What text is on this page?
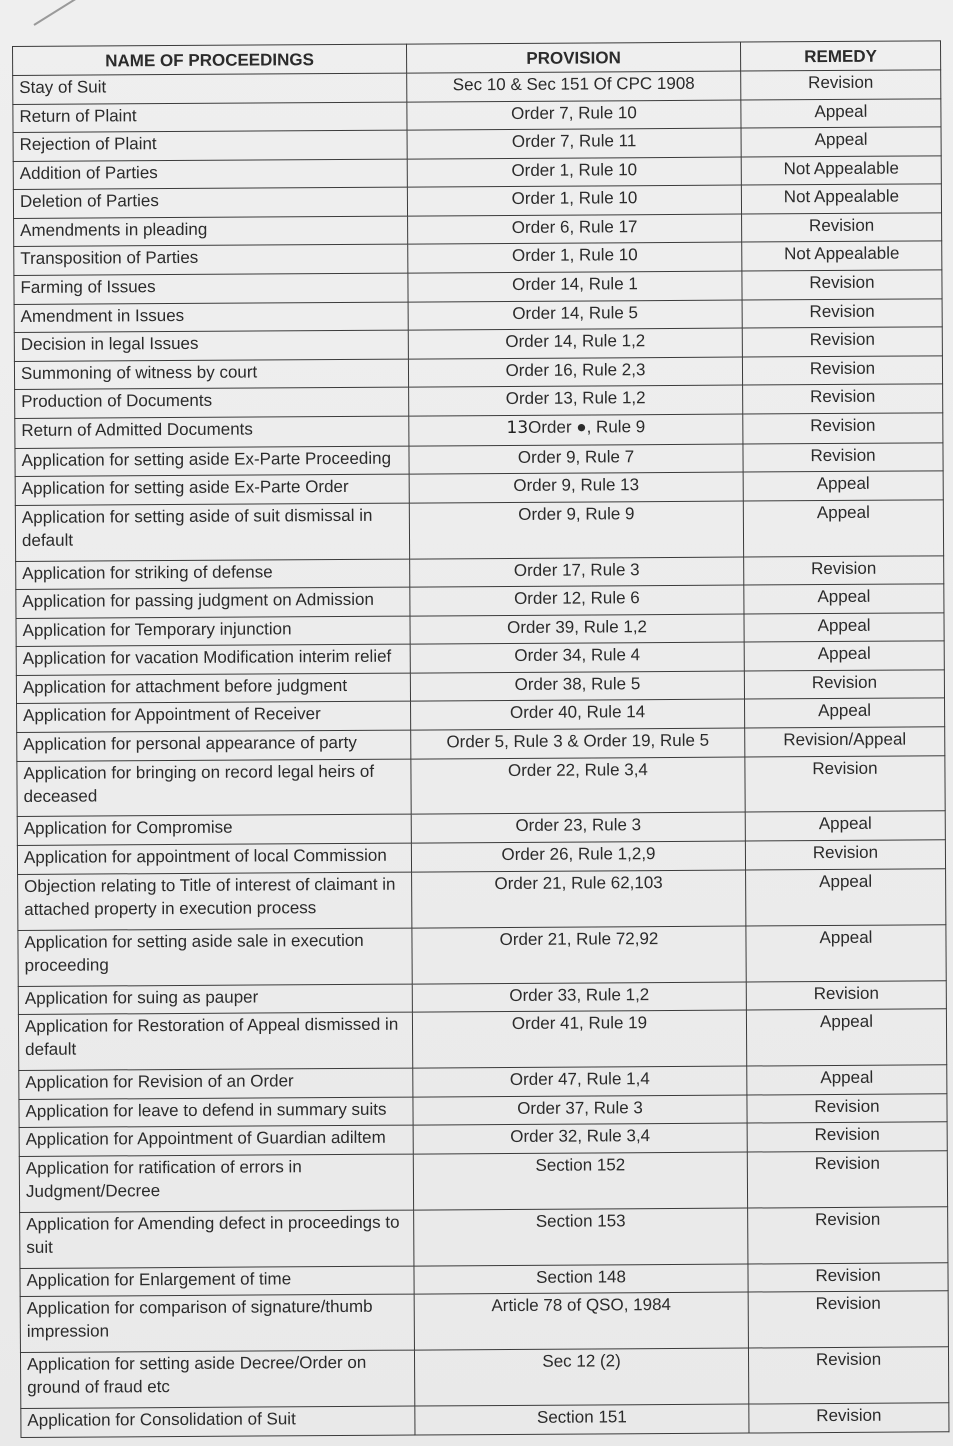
NAME OF PROCEEDINGS	PROVISION	REMEDY
Stay of Suit	Sec 10 & Sec 151 Of CPC 1908	Revision
Return of Plaint	Order 7, Rule 10	Appeal
Rejection of Plaint	Order 7, Rule 11	Appeal
Addition of Parties	Order 1, Rule 10	Not Appealable
Deletion of Parties	Order 1, Rule 10	Not Appealable
Amendments in pleading	Order 6, Rule 17	Revision
Transposition of Parties	Order 1, Rule 10	Not Appealable
Farming of Issues	Order 14, Rule 1	Revision
Amendment in Issues	Order 14, Rule 5	Revision
Decision in legal Issues	Order 14, Rule 1,2	Revision
Summoning of witness by court	Order 16, Rule 2,3	Revision
Production of Documents	Order 13, Rule 1,2	Revision
Return of Admitted Documents	13Order ●, Rule 9	Revision
Application for setting aside Ex-Parte Proceeding	Order 9, Rule 7	Revision
Application for setting aside Ex-Parte Order	Order 9, Rule 13	Appeal
Application for setting aside of suit dismissal in default	Order 9, Rule 9	Appeal
Application for striking of defense	Order 17, Rule 3	Revision
Application for passing judgment on Admission	Order 12, Rule 6	Appeal
Application for Temporary injunction	Order 39, Rule 1,2	Appeal
Application for vacation Modification interim relief	Order 34, Rule 4	Appeal
Application for attachment before judgment	Order 38, Rule 5	Revision
Application for Appointment of Receiver	Order 40, Rule 14	Appeal
Application for personal appearance of party	Order 5, Rule 3 & Order 19, Rule 5	Revision/Appeal
Application for bringing on record legal heirs of deceased	Order 22, Rule 3,4	Revision
Application for Compromise	Order 23, Rule 3	Appeal
Application for appointment of local Commission	Order 26, Rule 1,2,9	Revision
Objection relating to Title of interest of claimant in attached property in execution process	Order 21, Rule 62,103	Appeal
Application for setting aside sale in execution proceeding	Order 21, Rule 72,92	Appeal
Application for suing as pauper	Order 33, Rule 1,2	Revision
Application for Restoration of Appeal dismissed in default	Order 41, Rule 19	Appeal
Application for Revision of an Order	Order 47, Rule 1,4	Appeal
Application for leave to defend in summary suits	Order 37, Rule 3	Revision
Application for Appointment of Guardian adiltem	Order 32, Rule 3,4	Revision
Application for ratification of errors in Judgment/Decree	Section 152	Revision
Application for Amending defect in proceedings to suit	Section 153	Revision
Application for Enlargement of time	Section 148	Revision
Application for comparison of signature/thumb impression	Article 78 of QSO, 1984	Revision
Application for setting aside Decree/Order on ground of fraud etc	Sec 12 (2)	Revision
Application for Consolidation of Suit	Section 151	Revision
